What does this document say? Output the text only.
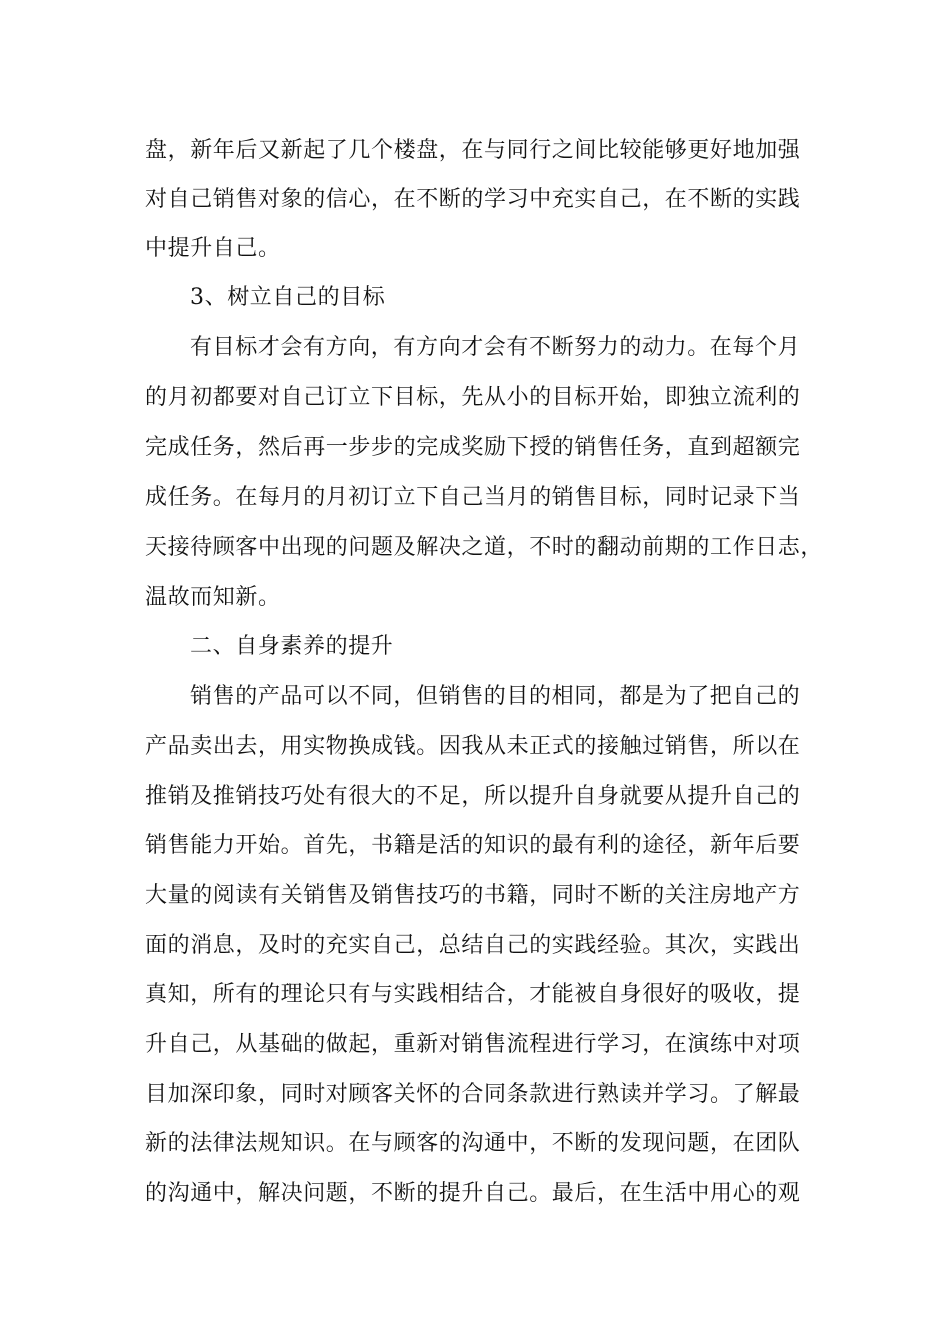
盘，新年后又新起了几个楼盘，在与同行之间比较能够更好地加强
对自己销售对象的信心，在不断的学习中充实自己，在不断的实践
中提升自己。
3、树立自己的目标
有目标才会有方向，有方向才会有不断努力的动力。在每个月
的月初都要对自己订立下目标，先从小的目标开始，即独立流利的
完成任务，然后再一步步的完成奖励下授的销售任务，直到超额完
成任务。在每月的月初订立下自己当月的销售目标，同时记录下当
天接待顾客中出现的问题及解决之道，不时的翻动前期的工作日志，
温故而知新。
二、自身素养的提升
销售的产品可以不同，但销售的目的相同，都是为了把自己的
产品卖出去，用实物换成钱。因我从未正式的接触过销售，所以在
推销及推销技巧处有很大的不足，所以提升自身就要从提升自己的
销售能力开始。首先，书籍是活的知识的最有利的途径，新年后要
大量的阅读有关销售及销售技巧的书籍，同时不断的关注房地产方
面的消息，及时的充实自己，总结自己的实践经验。其次，实践出
真知，所有的理论只有与实践相结合，才能被自身很好的吸收，提
升自己，从基础的做起，重新对销售流程进行学习，在演练中对项
目加深印象，同时对顾客关怀的合同条款进行熟读并学习。了解最
新的法律法规知识。在与顾客的沟通中，不断的发现问题，在团队
的沟通中，解决问题，不断的提升自己。最后，在生活中用心的观
